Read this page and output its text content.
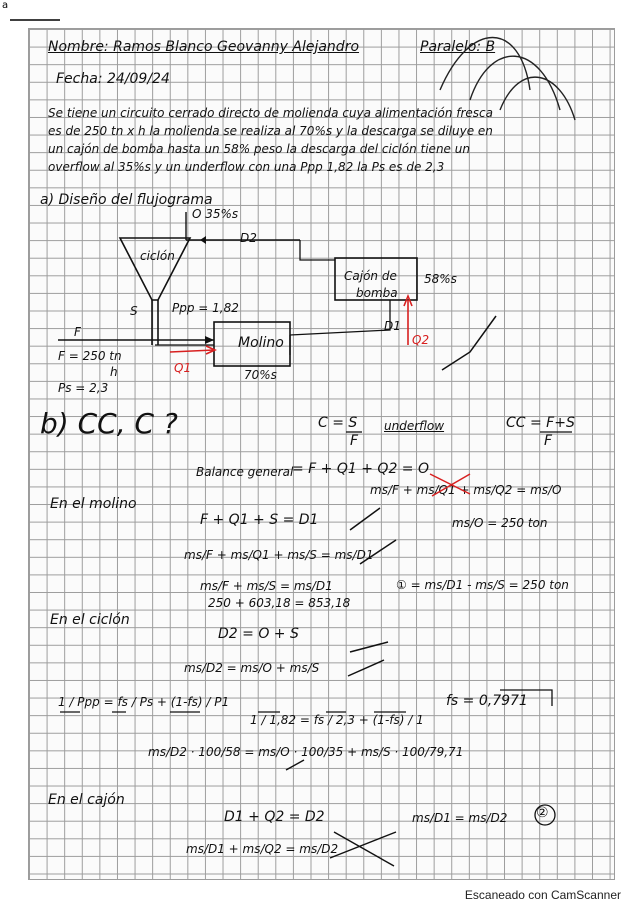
a
Nombre: Ramos Blanco Geovanny Alejandro	Paralelo: B
Fecha: 24/09/24
Se tiene un circuito cerrado directo de molienda cuya alimentación fresca
es de 250 tn x h la molienda se realiza al 70%s y la descarga se diluye en
un cajón de bomba hasta un 58% peso la descarga del ciclón tiene un
overflow al 35%s y un underflow con una Ppp 1,82 la Ps es de 2,3
a) Diseño del flujograma
O 35%s
D2
ciclón
Cajón de
bomba
58%s
S	Ppp = 1,82
F
Molino
D1
Q2
F = 250 tn
h	Q1	70%s
Ps = 2,3
b) CC, C ?	C = S
F
underflow	CC = F+S
F
Balance general
= F + Q1 + Q2 = O
ms/F + ms/Q1 + ms/Q2 = ms/O
En el molino
F + Q1 + S = D1	ms/O = 250 ton
ms/F + ms/Q1 + ms/S = ms/D1
ms/F + ms/S = ms/D1
250 + 603,18 = 853,18
① = ms/D1 - ms/S = 250 ton
En el ciclón
D2 = O + S
ms/D2 = ms/O + ms/S
1 / Ppp = fs / Ps + (1-fs) / P1
1 / 1,82 = fs / 2,3 + (1-fs) / 1
fs = 0,7971
ms/D2 · 100/58 = ms/O · 100/35 + ms/S · 100/79,71
En el cajón
D1 + Q2 = D2	ms/D1 = ms/D2 ②
ms/D1 + ms/Q2 = ms/D2
Escaneado con CamScanner
